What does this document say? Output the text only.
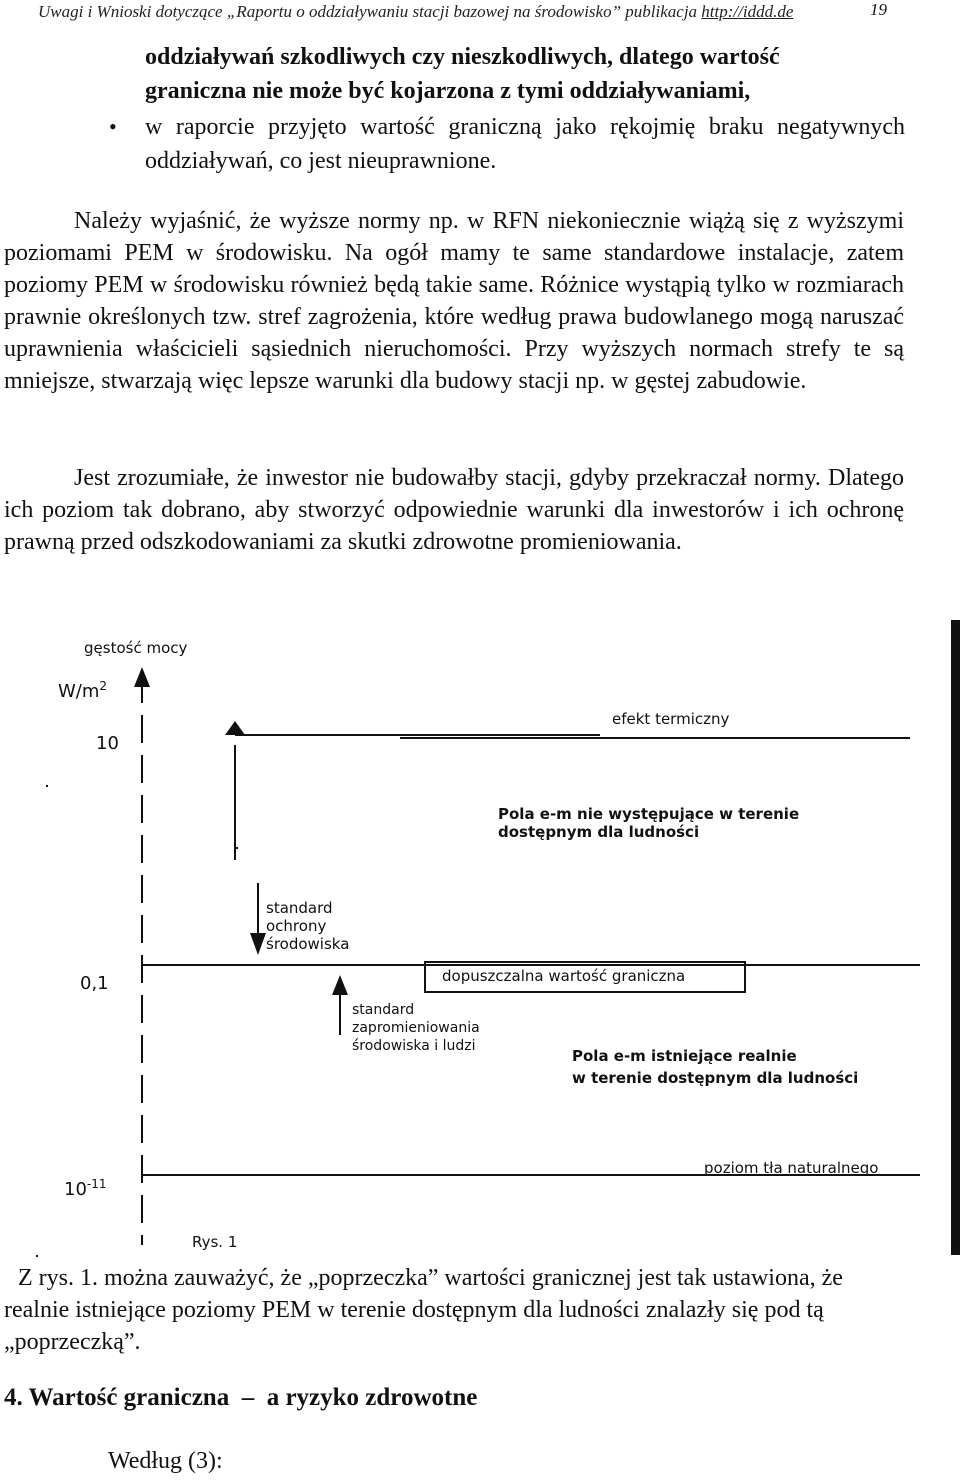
Uwagi i Wnioski dotyczące „Raportu o oddziaływaniu stacji bazowej na środowisko” publikacja http://iddd.de	19
oddziaływań szkodliwych czy nieszkodliwych, dlatego wartość
graniczna nie może być kojarzona z tymi oddziaływaniami,
• w raporcie przyjęto wartość graniczną jako rękojmię braku negatywnych oddziaływań, co jest nieuprawnione.
Należy wyjaśnić, że wyższe normy np. w RFN niekoniecznie wiążą się z wyższymi poziomami PEM w środowisku. Na ogół mamy te same standardowe instalacje, zatem poziomy PEM w środowisku również będą takie same. Różnice wystąpią tylko w rozmiarach prawnie określonych tzw. stref zagrożenia, które według prawa budowlanego mogą naruszać uprawnienia właścicieli sąsiednich nieruchomości. Przy wyższych normach strefy te są mniejsze, stwarzają więc lepsze warunki dla budowy stacji np. w gęstej zabudowie.
Jest zrozumiałe, że inwestor nie budowałby stacji, gdyby przekraczał normy. Dlatego ich poziom tak dobrano, aby stworzyć odpowiednie warunki dla inwestorów i ich ochronę prawną przed odszkodowaniami za skutki zdrowotne promieniowania.
gęstość mocy
$W/m^2$
10
0,1
$10^{-11}$
efekt termiczny
Pola e-m nie występujące w terenie
dostępnym dla ludności
standard
ochrony
środowiska
dopuszczalna wartość graniczna
standard
zapromieniowania
środowiska i ludzi
Pola e-m istniejące realnie
w terenie dostępnym dla ludności
poziom tła naturalnego
Rys. 1
Z rys. 1. można zauważyć, że „poprzeczka” wartości granicznej jest tak ustawiona, że realnie istniejące poziomy PEM w terenie dostępnym dla ludności znalazły się pod tą „poprzeczką”.
4. Wartość graniczna  –  a ryzyko zdrowotne
Według (3):
